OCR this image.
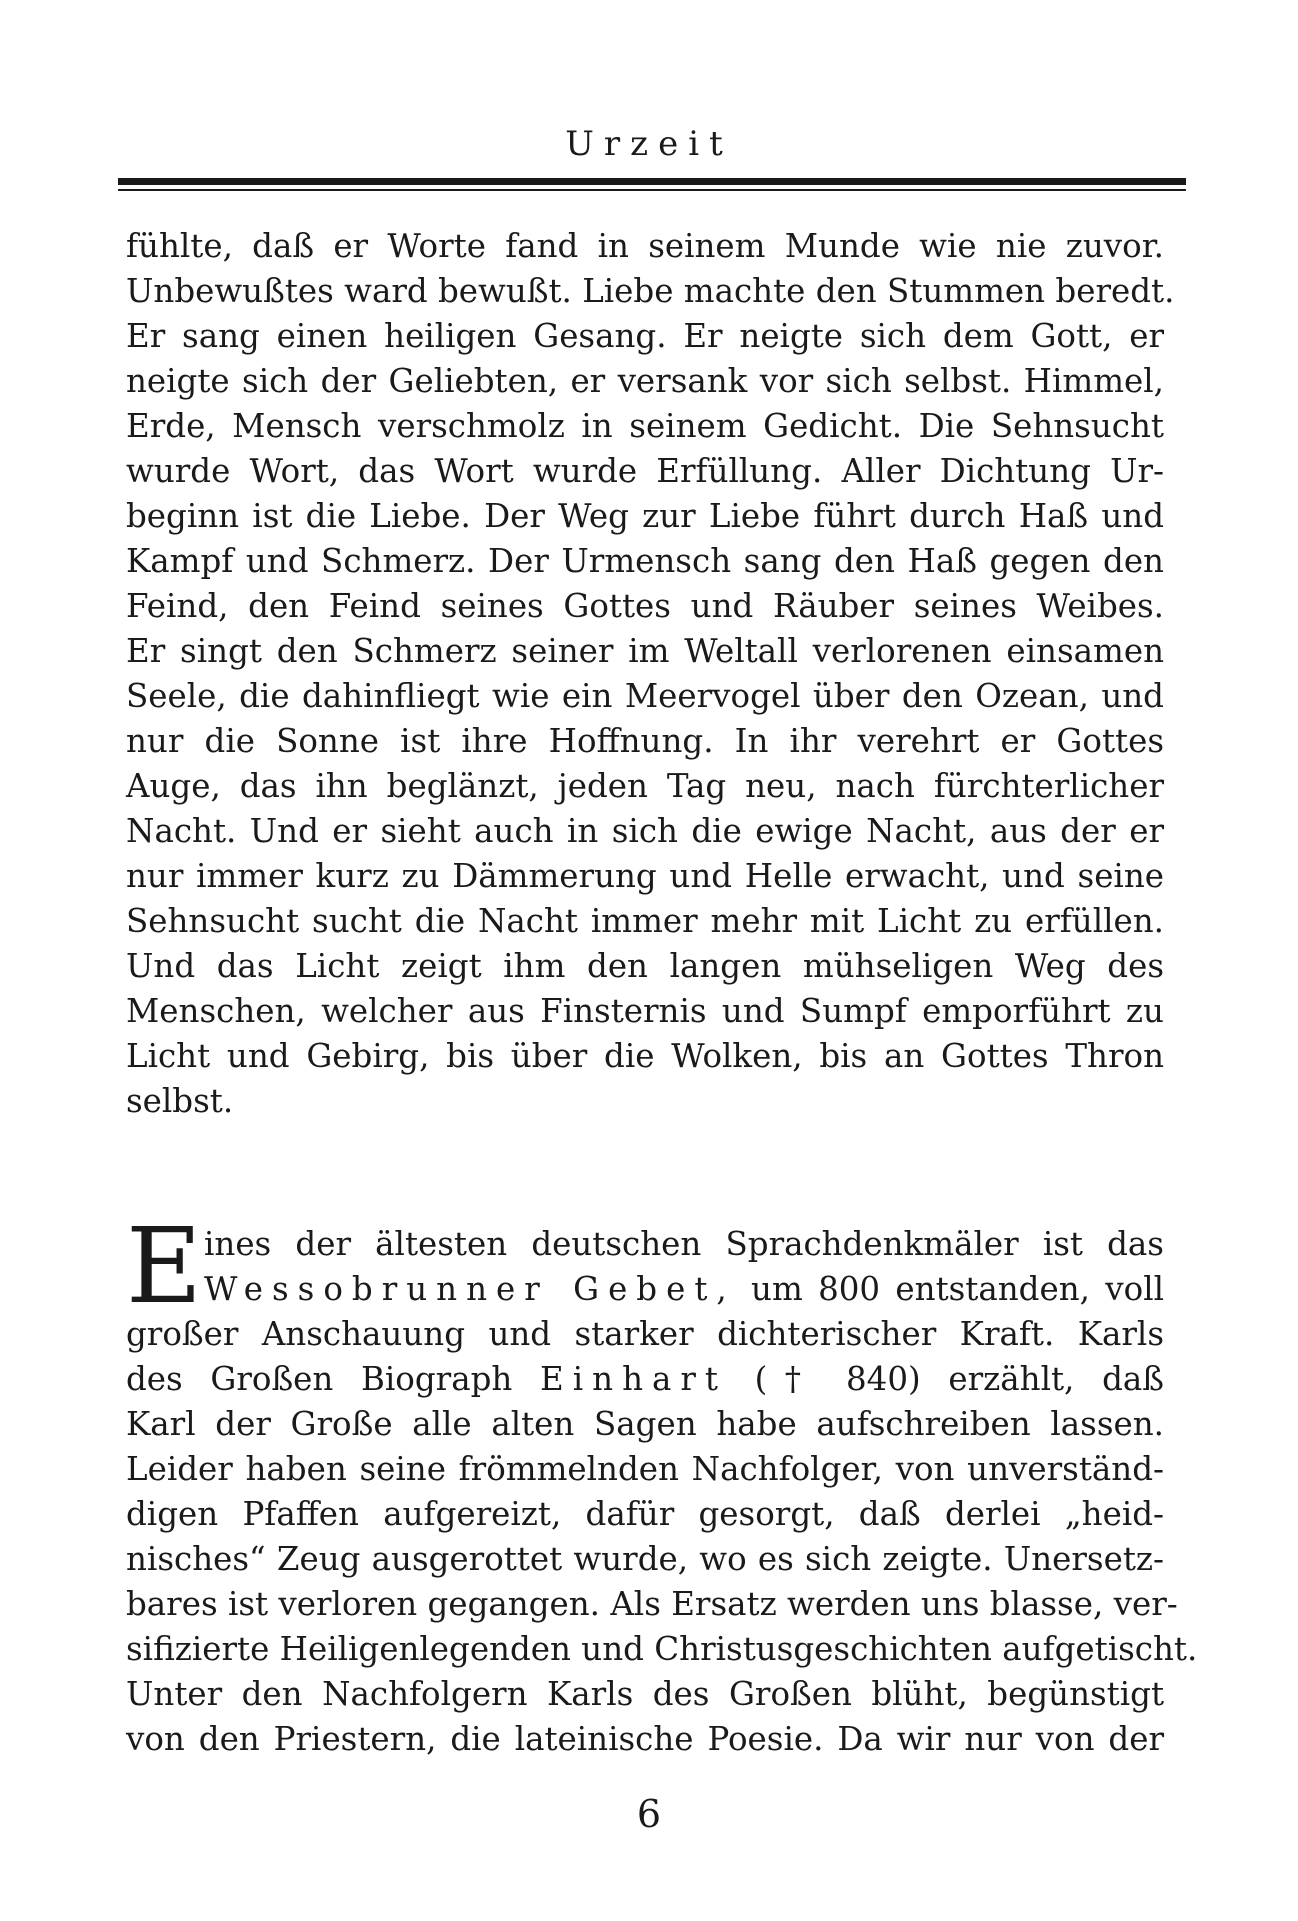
Urzeit
fühlte, daß er Worte fand in seinem Munde wie nie zuvor.
Unbewußtes ward bewußt. Liebe machte den Stummen beredt.
Er sang einen heiligen Gesang. Er neigte sich dem Gott, er
neigte sich der Geliebten, er versank vor sich selbst. Himmel,
Erde, Mensch verschmolz in seinem Gedicht. Die Sehnsucht
wurde Wort, das Wort wurde Erfüllung. Aller Dichtung Ur-
beginn ist die Liebe. Der Weg zur Liebe führt durch Haß und
Kampf und Schmerz. Der Urmensch sang den Haß gegen den
Feind, den Feind seines Gottes und Räuber seines Weibes.
Er singt den Schmerz seiner im Weltall verlorenen einsamen
Seele, die dahinfliegt wie ein Meervogel über den Ozean, und
nur die Sonne ist ihre Hoffnung. In ihr verehrt er Gottes
Auge, das ihn beglänzt, jeden Tag neu, nach fürchterlicher
Nacht. Und er sieht auch in sich die ewige Nacht, aus der er
nur immer kurz zu Dämmerung und Helle erwacht, und seine
Sehnsucht sucht die Nacht immer mehr mit Licht zu erfüllen.
Und das Licht zeigt ihm den langen mühseligen Weg des
Menschen, welcher aus Finsternis und Sumpf emporführt zu
Licht und Gebirg, bis über die Wolken, bis an Gottes Thron
selbst.
E ines der ältesten deutschen Sprachdenkmäler ist das
Wessobrunner Gebet, um 800 entstanden, voll
großer Anschauung und starker dichterischer Kraft. Karls
des Großen Biograph Einhart († 840) erzählt, daß
Karl der Große alle alten Sagen habe aufschreiben lassen.
Leider haben seine frömmelnden Nachfolger, von unverständ-
digen Pfaffen aufgereizt, dafür gesorgt, daß derlei „heid-
nisches“ Zeug ausgerottet wurde, wo es sich zeigte. Unersetz-
bares ist verloren gegangen. Als Ersatz werden uns blasse, ver-
sifizierte Heiligenlegenden und Christusgeschichten aufgetischt.
Unter den Nachfolgern Karls des Großen blüht, begünstigt
von den Priestern, die lateinische Poesie. Da wir nur von der
6
